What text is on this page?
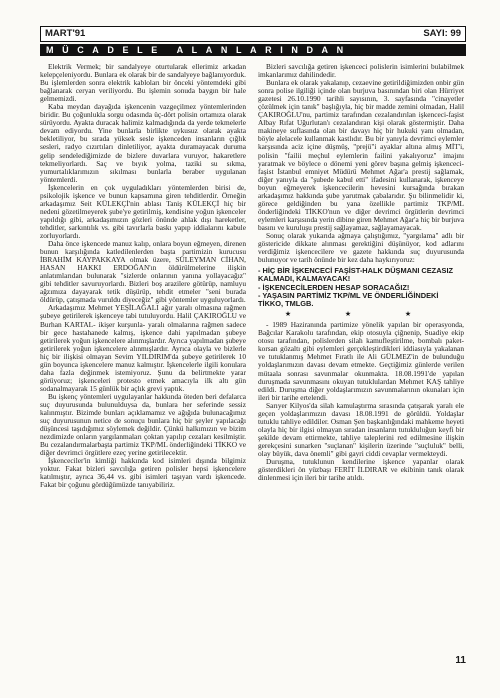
MART'91	SAYI: 99
MÜCADELE ALANLARINDAN

Elektrik Vermek; bir sandalyeye oturtularak ellerimiz arkadan kelepçeleniyordu. Bunlara ek olarak bir de sandalyeye bağlanıyorduk. Bu işlemlerden sonra elektrik kabloları bir önceki yöntemdeki gibi bağlanarak ceryan veriliyordu. Bu işlemin sonuda baygın bir hale gelmemizdi.

Kaba meydan dayağıda işkencenin vazgeçilmez yöntemlerinden biridir. Bu çoğunlukla sorgu odasında üç-dört polisin ortamıza olarak sürüyordu. Ayakta duracak halimiz kalmadığında da yerde tekmelerle devam ediyordu. Yine bunlarla birlikte uykusuz olarak ayakta bekletiliyor, bu sırada yüksek sesle işkenceden insanların çığlık sesleri, radyo cızırtıları dinletiliyor, ayakta duramayacak duruma gelip sendelediğimizde de bizlere duvarlara vuruyor, hakaretlere tekmeliyorlardı. Saç ve bıyık yolma, taziki su sıkma, yumurtalıklarımızın sıkılması bunlarla beraber uygulanan yöntemlerdi.

İşkencelerin en çok uyguladıkları yöntemlerden birisi de, psikolojik işkence ve bunun kapsamına giren tehditlerdir. Örneğin arkadaşımız Seit KÜLEKÇİ'nin ablası Taniş KÜLEKÇİ hiç bir nedeni gözetilmeyerek şube'ye getirilmiş, kendisine yoğun işkenceler yapıldığı gibi, arkadaşımızın gözleri önünde ahlak dışı hareketler, tehditler, sarkıntılık vs. gibi tavırlarla baskı yapıp iddialarını kabule zorluyorlardı.

Daha önce işkencede manuz kalıp, onlara boyun eğmeyen, direnen bunun karşılığında katledilenlerden başta partimizin kurucusu İBRAHİM KAYPAKKAYA olmak üzere, SÜLEYMAN CİHAN, HASAN HAKKI ERDOĞAN'ın öldürülmelerine ilişkin anlatımlarıdan bulunarak "sizlerde onlarının yanına yollayacağız" gibi tehditler savuruyorlardı. Bizleri boş arazilere götürüp, namluyu ağzımıza dayayarak tetik düşürüp, tehdit etmeler "seni burada öldürüp, çatışmada vuruldu diyeceğiz" gibi yöntemler uyguluyorlardı.

Arkadaşımız Mehmet YEŞİLAĞALI ağır yaralı olmasına rağmen şubeye getirilerek işkenceye tabi tutuluyordu. Halil ÇAKIROĞLU ve Burhan KARTAL- ikişer kurşunla- yaralı olmalarına rağmen sadece bir gece hastahanede kalmış, işkence dahi yapılmadan şubeye getirilerek yoğun işkencelere alınmışlardır. Ayrıca yapılmadan şubeye getirilerek yoğun işkencelere alınmışlardır. Ayrıca olayla ve bizlerle hiç bir ilişkisi olmayan Sevim YILDIRIM'da şubeye getirilerek 10 gün boyunca işkencelere manuz kalmıştır. İşkencelerle ilgili konulara daha fazla değinmek istemiyoruz. Şunu da belirtmekte yarar görüyoruz; işkenceleri protesto etmek amacıyla ilk altı gün sodanalmayarak 15 günlük bir açlık grevi yaptık.

Bu işkenç yöntemleri uygulayanlar hakkında öteden beri defalarca suç duyurusunda bulunulduysa da, bunlara her seferinde sessiz kalınmıştır. Bizimde bunları açıklamamız ve ağığıda bulunacağımız suç duyurusunun netice de sonuçu bunlara hiç bir şeyler yapılacağı düşüncesi taşıdığımız söylemek değildir. Çünkü halkımızın ve bizim nezdimizde onların yargılanmaları çoktan yapılıp cezaları kesilmiştir. Bu cezalandırmalarbaşta partimiz TKP/ML önderliğindeki TİKKO ve diğer devrimci örgütlere ezeç yerine getirilecektir.

İşkenceciler'in kimliği hakkında kod isimleri dışında bilgimiz yoktur. Fakat bizleri savcılığa getiren polisler hepsi işkencelere katılmıştır, ayrıca 36,44 vs. gibi isimleri taşıyan vardı işkencede. Fakat bir çoğunu gördüğümüzde tanıyabiliriz.

Bizleri savcılığa getiren işkenceci polislerin isimlerini bulabilmek imkanlarımız dahilindedir.

Bunlara ek olarak yakalanıp, cezaevine getirildiğimizden onbir gün sonra polise ilgiliği içinde olan burjuva basınından biri olan Hürriyet gazetesi 26.10.1990 tarihli sayısının, 3. sayfasında "cinayetler çözülmek için tanık" başlığıyla, hiç bir madde zemini olmadan, Halil ÇAKIROĞLU'nu, partimiz tarafından cezalandırılan işkenceci-faşist Albay Rıfat Uğurlutan'ı cezalandıran kişi olarak göstermiştir. Daha makineye suflasında olan bir davayı hiç bir hukuki yanı olmadan, böyle alelacele kullanmak kastlıdır. Bu bir yanıyla devrimci eylemler karşısında aciz içine düşmüş, "prejü"i ayaklar altına almış MİT'i, polisin "failii meçhul eylemlerin failini yakalıyoruz" imajını yaratmak ve böylece o dönemi yeni görev başına gelmiş işkenceci-faşist İstanbul emniyet Müdürü Mehmet Ağar'a prestij sağlamak, diğer yanıyla da "şubede kabul etti" ifadesini kullanarak, işkenceye boyun eğmeyerek işkencecilerin hevesini kursağında bırakan arkadaşımız hakkında şube yarutmak çabalarıdır. Şu bilinmelidir ki, görece geldiğinden bu yana özellikle partimiz TKP/ML önderliğindeki TİKKO'nun ve diğer devrimci örgütlerin devrimci eylemleri karşısında yerin dibine giren Mehmet Ağar'a hiç bir burjuva basını ve kuruluşu prestij sağlayamaz, sağlayamayacak.

Sonuç olarak yukarıda ağmaya çalıştığımız, "yargılama" adlı bir göstericide dikkate alınması gerektiğini düşünüyor, kod adlarını verdiğimiz işkencecilere ve gazete hakkında suç duyurusunda bulunuyor ve tarih önünde bir kez daha haykırıyoruz:

- HİÇ BİR İŞKENCECİ FAŞİST-HALK DÜŞMANI CEZASIZ KALMADI, KALMAYACAK!
- İŞKENCECİLERDEN HESAP SORACAĞIZ!
- YAŞASIN PARTİMİZ TKP/ML VE ÖNDERLİĞİNDEKİ TİKKO, TMLGB.
★ ★ ★

- 1989 Haziranında partimize yönelik yapılan bir operasyonda, Bağcılar Karakolu tarafından, ekip otosuyla çiğnenip, Suadiye ekip otosu tarafından, polislerden silah kamufleştirilme, bombalı paket-korsan gözaltı gibi eylemleri gerçekleştirdikleri iddiasıyla yakalanan ve tutuklanmış Mehmet Fıratlı ile Ali GÜLMEZ'in de bulunduğu yoldaşlarımızın davası devam etmekte. Geçtiğimiz günlerde verilen mütaala sonrası savunmalar okunmakta. 18.08.1991'de yapılan duruşmada savunmasını okuyan tutuklulardan Mehmet KAŞ tahliye edildi. Duruşma diğer yoldaşlarımızın savunmalarının okunaları için ileri bir tarihe ertelendi.

Sarıyer Kilyos'da silah kamulaştırma sırasında çatışarak yaralı ele geçen yoldaşlarımızın davası 18.08.1991 de görüldü. Yoldaşlar tutuklu tahliye edildiler. Osman Şen başkanlığındaki mahkeme heyeti olayla hiç bir ilgisi olmayan sıradan insanların tutukluluğun keyfi bir şekilde devam ettirmekte, tahliye taleplerini red edilmesine ilişkin gerekçesini sunarken "suçlanan" kişilerin üzerinde "suçluluk" belli, olay büyük, dava önemli" gibi gayri ciddi cevaplar vermekteydi.

Duruşma, tutuklunun kendilerine işkence yapanlar olarak gösterdikleri ön yüzbaşı FERİT İLDIRAR ve ekibinin tanık olarak dinlenmesi için ileri bir tarihe atıldı.

11
